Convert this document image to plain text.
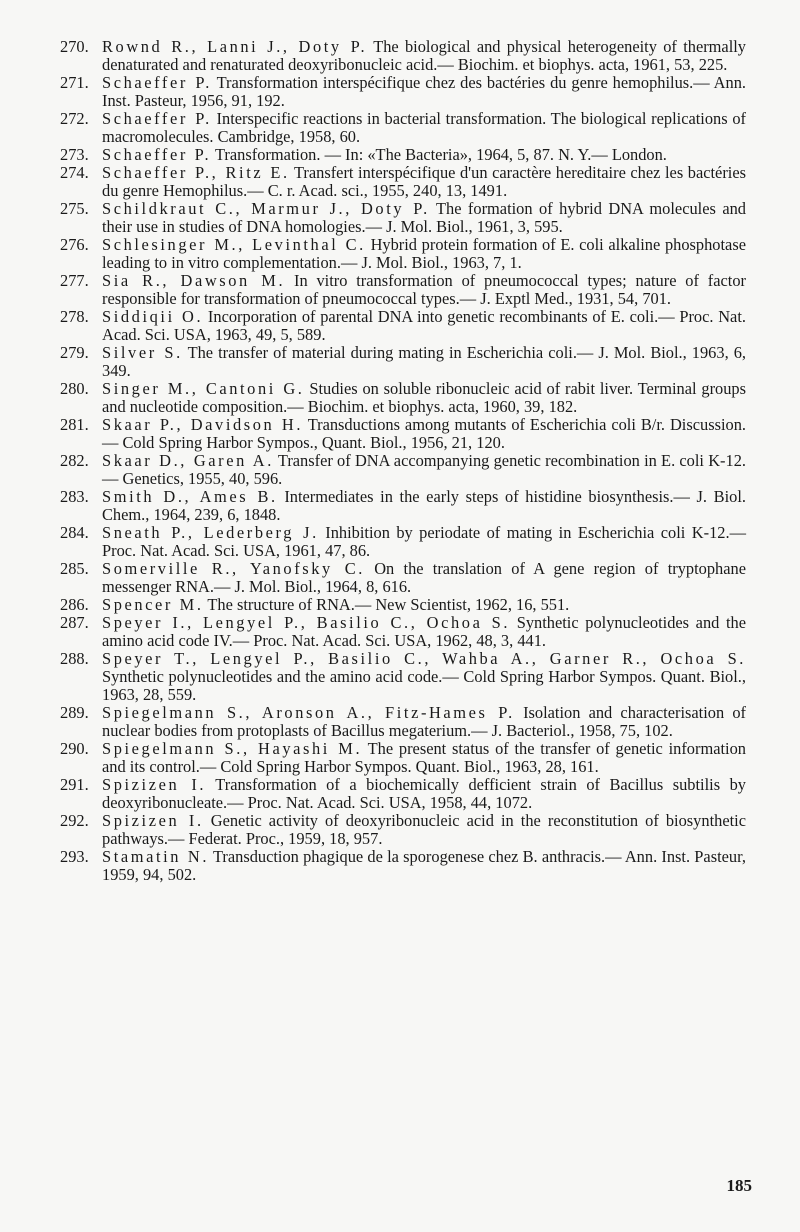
270. Rownd R., Lanni J., Doty P. The biological and physical heterogeneity of thermally denaturated and renaturated deoxyribonucleic acid.— Biochim. et biophys. acta, 1961, 53, 225.
271. Schaeffer P. Transformation interspécifique chez des bactéries du genre hemophilus.— Ann. Inst. Pasteur, 1956, 91, 192.
272. Schaeffer P. Interspecific reactions in bacterial transformation. The biological replications of macromolecules. Cambridge, 1958, 60.
273. Schaeffer P. Transformation. — In: «The Bacteria», 1964, 5, 87. N. Y.— London.
274. Schaeffer P., Ritz E. Transfert interspécifique d'un caractère hereditaire chez les bactéries du genre Hemophilus.— C. r. Acad. sci., 1955, 240, 13, 1491.
275. Schildkraut C., Marmur J., Doty P. The formation of hybrid DNA molecules and their use in studies of DNA homologies.— J. Mol. Biol., 1961, 3, 595.
276. Schlesinger M., Levinthal C. Hybrid protein formation of E. coli alkaline phosphotase leading to in vitro complementation.— J. Mol. Biol., 1963, 7, 1.
277. Sia R., Dawson M. In vitro transformation of pneumococcal types; nature of factor responsible for transformation of pneumococcal types.— J. Exptl Med., 1931, 54, 701.
278. Siddiqii O. Incorporation of parental DNA into genetic recombinants of E. coli.— Proc. Nat. Acad. Sci. USA, 1963, 49, 5, 589.
279. Silver S. The transfer of material during mating in Escherichia coli.— J. Mol. Biol., 1963, 6, 349.
280. Singer M., Cantoni G. Studies on soluble ribonucleic acid of rabit liver. Terminal groups and nucleotide composition.— Biochim. et biophys. acta, 1960, 39, 182.
281. Skaar P., Davidson H. Transductions among mutants of Escherichia coli B/r. Discussion.— Cold Spring Harbor Sympos., Quant. Biol., 1956, 21, 120.
282. Skaar D., Garen A. Transfer of DNA accompanying genetic recombination in E. coli K-12.— Genetics, 1955, 40, 596.
283. Smith D., Ames B. Intermediates in the early steps of histidine biosynthesis.— J. Biol. Chem., 1964, 239, 6, 1848.
284. Sneath P., Lederberg J. Inhibition by periodate of mating in Escherichia coli K-12.— Proc. Nat. Acad. Sci. USA, 1961, 47, 86.
285. Somerville R., Yanofsky C. On the translation of A gene region of tryptophane messenger RNA.— J. Mol. Biol., 1964, 8, 616.
286. Spencer M. The structure of RNA.— New Scientist, 1962, 16, 551.
287. Speyer I., Lengyel P., Basilio C., Ochoa S. Synthetic polynucleotides and the amino acid code IV.— Proc. Nat. Acad. Sci. USA, 1962, 48, 3, 441.
288. Speyer T., Lengyel P., Basilio C., Wahba A., Garner R., Ochoa S. Synthetic polynucleotides and the amino acid code.— Cold Spring Harbor Sympos. Quant. Biol., 1963, 28, 559.
289. Spiegelmann S., Aronson A., Fitz-Hames P. Isolation and characterisation of nuclear bodies from protoplasts of Bacillus megaterium.— J. Bacteriol., 1958, 75, 102.
290. Spiegelmann S., Hayashi M. The present status of the transfer of genetic information and its control.— Cold Spring Harbor Sympos. Quant. Biol., 1963, 28, 161.
291. Spizizen I. Transformation of a biochemically defficient strain of Bacillus subtilis by deoxyribonucleate.— Proc. Nat. Acad. Sci. USA, 1958, 44, 1072.
292. Spizizen I. Genetic activity of deoxyribonucleic acid in the reconstitution of biosynthetic pathways.— Federat. Proc., 1959, 18, 957.
293. Stamatin N. Transduction phagique de la sporogenese chez B. anthracis.— Ann. Inst. Pasteur, 1959, 94, 502.
185
